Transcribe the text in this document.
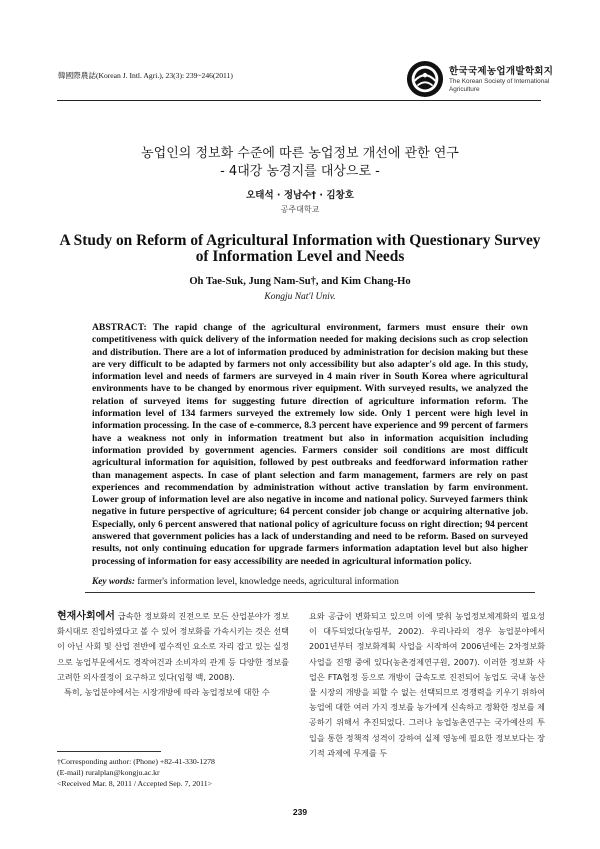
韓國際農誌(Korean J. Intl. Agri.), 23(3): 239~246(2011)	한국국제농업개발학회지
The Korean Society of International Agriculture
농업인의 정보화 수준에 따른 농업정보 개선에 관한 연구
- 4대강 농경지를 대상으로 -
오태석 · 정남수† · 김창호
공주대학교
A Study on Reform of Agricultural Information with Questionary Survey
of Information Level and Needs
Oh Tae-Suk, Jung Nam-Su†, and Kim Chang-Ho
Kongju Nat'l Univ.
ABSTRACT: The rapid change of the agricultural environment, farmers must ensure their own competitiveness with quick delivery of the information needed for making decisions such as crop selection and distribution. There are a lot of information produced by administration for decision making but these are very difficult to be adapted by farmers not only accessibility but also adapter's old age. In this study, information level and needs of farmers are surveyed in 4 main river in South Korea where agricultural environments have to be changed by enormous river equipment. With surveyed results, we analyzed the relation of surveyed items for suggesting future direction of agriculture information reform. The information level of 134 farmers surveyed the extremely low side. Only 1 percent were high level in information processing. In the case of e-commerce, 8.3 percent have experience and 99 percent of farmers have a weakness not only in information treatment but also in information acquisition including information provided by government agencies. Farmers consider soil conditions are most difficult agricultural information for aquisition, followed by pest outbreaks and feedforward information rather than management aspects. In case of plant selection and farm management, farmers are rely on past experiences and recommendation by administration without active translation by farm environment. Lower group of information level are also negative in income and national policy. Surveyed farmers think negative in future perspective of agriculture; 64 percent consider job change or acquiring alternative job. Especially, only 6 percent answered that national policy of agriculture focuss on right direction; 94 percent answered that government policies has a lack of understanding and need to be reform. Based on surveyed results, not only continuing education for upgrade farmers information adaptation level but also higher processing of information for easy accessibility are needed in agricultural information policy.
Key words: farmer's information level, knowledge needs, agricultural information

현재사회에서 급속한 정보화의 진전으로 모든 산업분야가 정보화시대로 진입하였다고 볼 수 있어 정보화를 가속시키는 것은 선택이 아닌 사회 및 산업 전반에 필수적인 요소로 자리 잡고 있는 실정으로 농업부문에서도 경작여건과 소비자의 관계 등 다양한 정보를 고려한 의사결정이 요구하고 있다(임형 백, 2008).

특히, 농업분야에서는 시장개방에 따라 농업정보에 대한 수

요와 공급이 변화되고 있으며 이에 맞춰 농업정보체계화의 필요성이 대두되었다(농림부, 2002). 우리나라의 경우 농업분야에서 2001년부터 정보화계획 사업을 시작하여 2006년에는 2차정보화사업을 진행 중에 있다(농촌경제연구원, 2007). 이러한 정보화 사업은 FTA협정 등으로 개방이 급속도로 진전되어 농업도 국내 농산물 시장의 개방을 피할 수 없는 선택되므로 경쟁력을 키우기 위하여 농업에 대한 여러 가지 정보를 농가에게 신속하고 정확한 정보를 제공하기 위해서 추진되었다. 그러나 농업농촌연구는 국가예산의 투입을 통한 정책적 성격이 강하여 실제 영농에 필요한 정보보다는 장기적 과제에 무게를 두

†Corresponding author: (Phone) +82-41-330-1278
(E-mail) ruralplan@kongju.ac.kr
<Received Mar. 8, 2011 / Accepted Sep. 7, 2011>
239
